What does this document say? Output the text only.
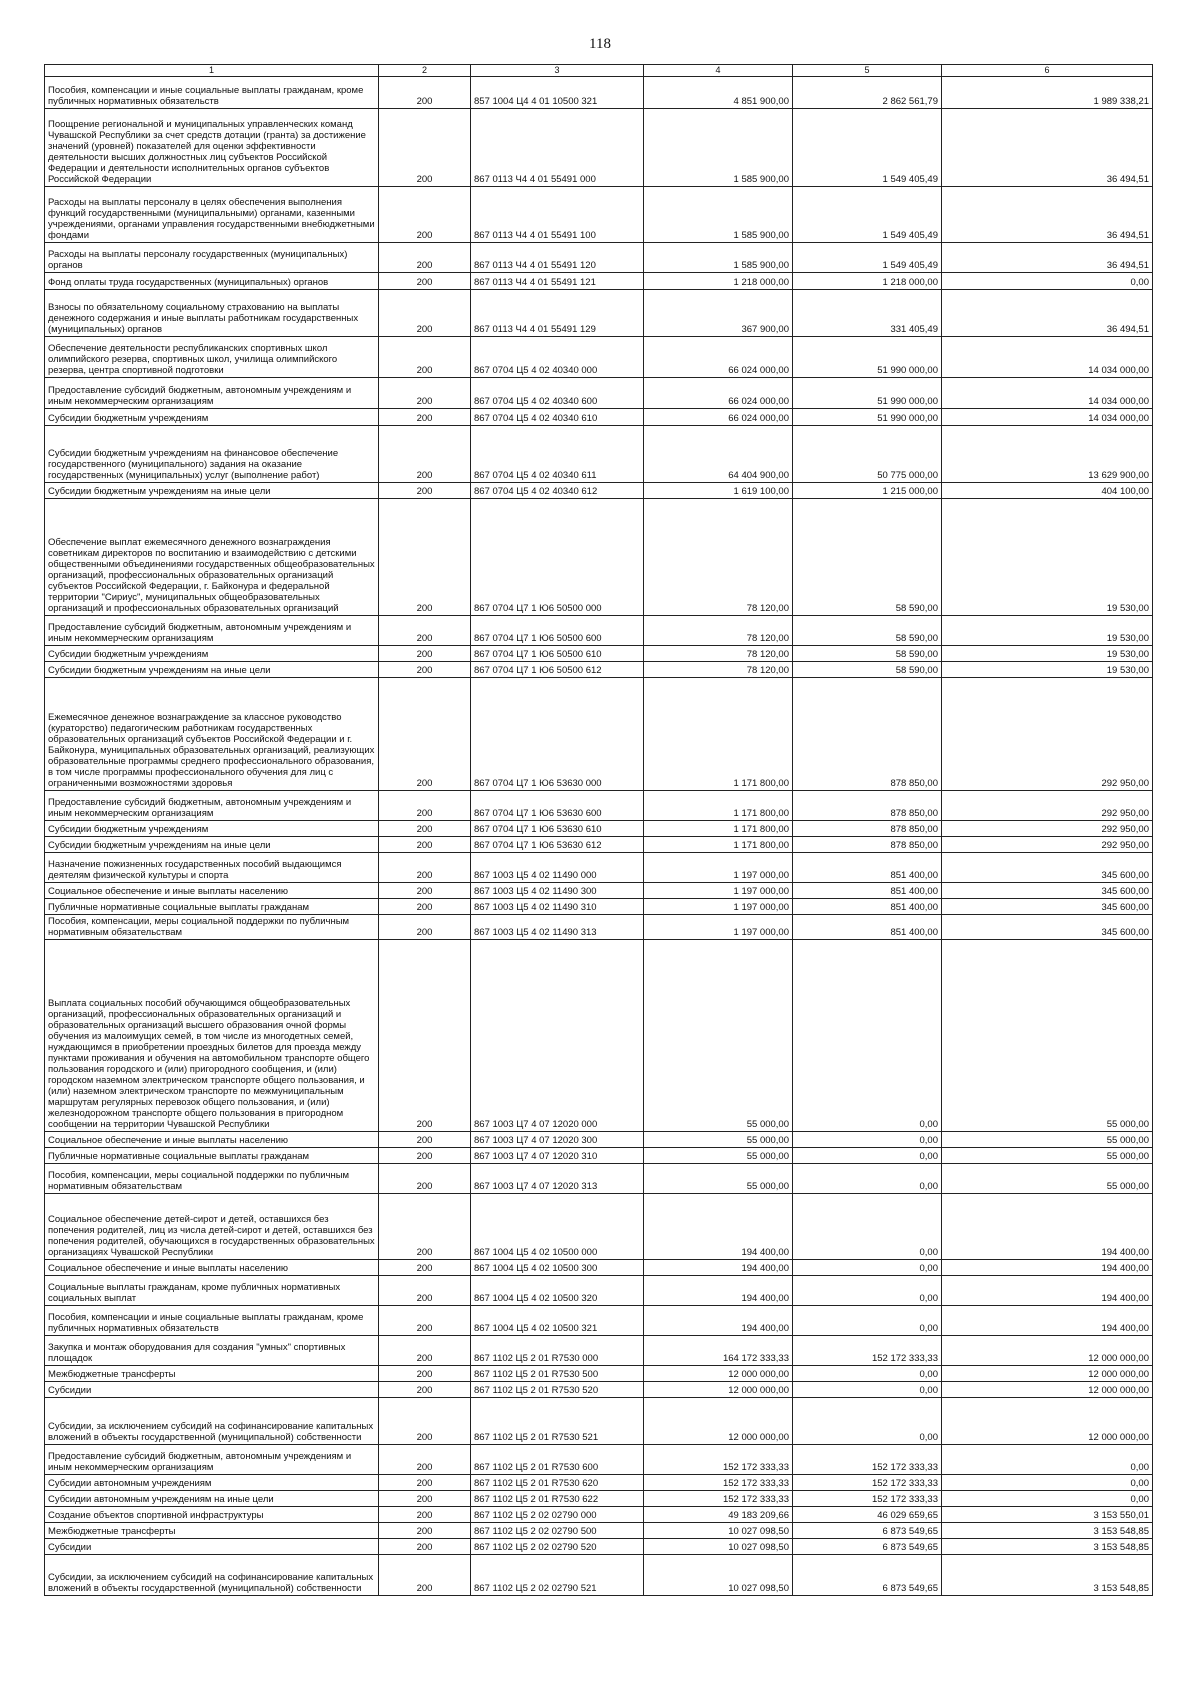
118
1	2	3	4	5	6
Пособия, компенсации и иные социальные выплаты гражданам, кроме публичных нормативных обязательств	200	857 1004 Ц4 4 01 10500 321	4 851 900,00	2 862 561,79	1 989 338,21
Поощрение региональной и муниципальных управленческих команд Чувашской Республики за счет средств дотации (гранта) за достижение значений (уровней) показателей для оценки эффективности деятельности высших должностных лиц субъектов Российской Федерации и деятельности исполнительных органов субъектов Российской Федерации	200	867 0113 Ч4 4 01 55491 000	1 585 900,00	1 549 405,49	36 494,51
Расходы на выплаты персоналу в целях обеспечения выполнения функций государственными (муниципальными) органами, казенными учреждениями, органами управления государственными внебюджетными фондами	200	867 0113 Ч4 4 01 55491 100	1 585 900,00	1 549 405,49	36 494,51
Расходы на выплаты персоналу государственных (муниципальных) органов	200	867 0113 Ч4 4 01 55491 120	1 585 900,00	1 549 405,49	36 494,51
Фонд оплаты труда государственных (муниципальных) органов	200	867 0113 Ч4 4 01 55491 121	1 218 000,00	1 218 000,00	0,00
Взносы по обязательному социальному страхованию на выплаты денежного содержания и иные выплаты работникам государственных (муниципальных) органов	200	867 0113 Ч4 4 01 55491 129	367 900,00	331 405,49	36 494,51
Обеспечение деятельности республиканских спортивных школ олимпийского резерва, спортивных школ, училища олимпийского резерва, центра спортивной подготовки	200	867 0704 Ц5 4 02 40340 000	66 024 000,00	51 990 000,00	14 034 000,00
Предоставление субсидий бюджетным, автономным учреждениям и иным некоммерческим организациям	200	867 0704 Ц5 4 02 40340 600	66 024 000,00	51 990 000,00	14 034 000,00
Субсидии бюджетным учреждениям	200	867 0704 Ц5 4 02 40340 610	66 024 000,00	51 990 000,00	14 034 000,00
Субсидии бюджетным учреждениям на финансовое обеспечение государственного (муниципального) задания на оказание государственных (муниципальных) услуг (выполнение работ)	200	867 0704 Ц5 4 02 40340 611	64 404 900,00	50 775 000,00	13 629 900,00
Субсидии бюджетным учреждениям на иные цели	200	867 0704 Ц5 4 02 40340 612	1 619 100,00	1 215 000,00	404 100,00
Обеспечение выплат ежемесячного денежного вознаграждения советникам директоров по воспитанию и взаимодействию с детскими общественными объединениями государственных общеобразовательных организаций, профессиональных образовательных организаций субъектов Российской Федерации, г. Байконура и федеральной территории "Сириус", муниципальных общеобразовательных организаций и профессиональных образовательных организаций	200	867 0704 Ц7 1 Ю6 50500 000	78 120,00	58 590,00	19 530,00
Предоставление субсидий бюджетным, автономным учреждениям и иным некоммерческим организациям	200	867 0704 Ц7 1 Ю6 50500 600	78 120,00	58 590,00	19 530,00
Субсидии бюджетным учреждениям	200	867 0704 Ц7 1 Ю6 50500 610	78 120,00	58 590,00	19 530,00
Субсидии бюджетным учреждениям на иные цели	200	867 0704 Ц7 1 Ю6 50500 612	78 120,00	58 590,00	19 530,00
Ежемесячное денежное вознаграждение за классное руководство (кураторство) педагогическим работникам государственных образовательных организаций субъектов Российской Федерации и г. Байконура, муниципальных образовательных организаций, реализующих образовательные программы среднего профессионального образования, в том числе программы профессионального обучения для лиц с ограниченными возможностями здоровья	200	867 0704 Ц7 1 Ю6 53630 000	1 171 800,00	878 850,00	292 950,00
Предоставление субсидий бюджетным, автономным учреждениям и иным некоммерческим организациям	200	867 0704 Ц7 1 Ю6 53630 600	1 171 800,00	878 850,00	292 950,00
Субсидии бюджетным учреждениям	200	867 0704 Ц7 1 Ю6 53630 610	1 171 800,00	878 850,00	292 950,00
Субсидии бюджетным учреждениям на иные цели	200	867 0704 Ц7 1 Ю6 53630 612	1 171 800,00	878 850,00	292 950,00
Назначение пожизненных государственных пособий выдающимся деятелям физической культуры и спорта	200	867 1003 Ц5 4 02 11490 000	1 197 000,00	851 400,00	345 600,00
Социальное обеспечение и иные выплаты населению	200	867 1003 Ц5 4 02 11490 300	1 197 000,00	851 400,00	345 600,00
Публичные нормативные социальные выплаты гражданам	200	867 1003 Ц5 4 02 11490 310	1 197 000,00	851 400,00	345 600,00
Пособия, компенсации, меры социальной поддержки по публичным нормативным обязательствам	200	867 1003 Ц5 4 02 11490 313	1 197 000,00	851 400,00	345 600,00
Выплата социальных пособий обучающимся общеобразовательных организаций, профессиональных образовательных организаций и образовательных организаций высшего образования очной формы обучения из малоимущих семей, в том числе из многодетных семей, нуждающимся в приобретении проездных билетов для проезда между пунктами проживания и обучения на автомобильном транспорте общего пользования городского и (или) пригородного сообщения, и (или) городском наземном электрическом транспорте общего пользования, и (или) наземном электрическом транспорте по межмуниципальным маршрутам регулярных перевозок общего пользования, и (или) железнодорожном транспорте общего пользования в пригородном сообщении на территории Чувашской Республики	200	867 1003 Ц7 4 07 12020 000	55 000,00	0,00	55 000,00
Социальное обеспечение и иные выплаты населению	200	867 1003 Ц7 4 07 12020 300	55 000,00	0,00	55 000,00
Публичные нормативные социальные выплаты гражданам	200	867 1003 Ц7 4 07 12020 310	55 000,00	0,00	55 000,00
Пособия, компенсации, меры социальной поддержки по публичным нормативным обязательствам	200	867 1003 Ц7 4 07 12020 313	55 000,00	0,00	55 000,00
Социальное обеспечение детей-сирот и детей, оставшихся без попечения родителей, лиц из числа детей-сирот и детей, оставшихся без попечения родителей, обучающихся в государственных образовательных организациях Чувашской Республики	200	867 1004 Ц5 4 02 10500 000	194 400,00	0,00	194 400,00
Социальное обеспечение и иные выплаты населению	200	867 1004 Ц5 4 02 10500 300	194 400,00	0,00	194 400,00
Социальные выплаты гражданам, кроме публичных нормативных социальных выплат	200	867 1004 Ц5 4 02 10500 320	194 400,00	0,00	194 400,00
Пособия, компенсации и иные социальные выплаты гражданам, кроме публичных нормативных обязательств	200	867 1004 Ц5 4 02 10500 321	194 400,00	0,00	194 400,00
Закупка и монтаж оборудования для создания "умных" спортивных площадок	200	867 1102 Ц5 2 01 R7530 000	164 172 333,33	152 172 333,33	12 000 000,00
Межбюджетные трансферты	200	867 1102 Ц5 2 01 R7530 500	12 000 000,00	0,00	12 000 000,00
Субсидии	200	867 1102 Ц5 2 01 R7530 520	12 000 000,00	0,00	12 000 000,00
Субсидии, за исключением субсидий на софинансирование капитальных вложений в объекты государственной (муниципальной) собственности	200	867 1102 Ц5 2 01 R7530 521	12 000 000,00	0,00	12 000 000,00
Предоставление субсидий бюджетным, автономным учреждениям и иным некоммерческим организациям	200	867 1102 Ц5 2 01 R7530 600	152 172 333,33	152 172 333,33	0,00
Субсидии автономным учреждениям	200	867 1102 Ц5 2 01 R7530 620	152 172 333,33	152 172 333,33	0,00
Субсидии автономным учреждениям на иные цели	200	867 1102 Ц5 2 01 R7530 622	152 172 333,33	152 172 333,33	0,00
Создание объектов спортивной инфраструктуры	200	867 1102 Ц5 2 02 02790 000	49 183 209,66	46 029 659,65	3 153 550,01
Межбюджетные трансферты	200	867 1102 Ц5 2 02 02790 500	10 027 098,50	6 873 549,65	3 153 548,85
Субсидии	200	867 1102 Ц5 2 02 02790 520	10 027 098,50	6 873 549,65	3 153 548,85
Субсидии, за исключением субсидий на софинансирование капитальных вложений в объекты государственной (муниципальной) собственности	200	867 1102 Ц5 2 02 02790 521	10 027 098,50	6 873 549,65	3 153 548,85
